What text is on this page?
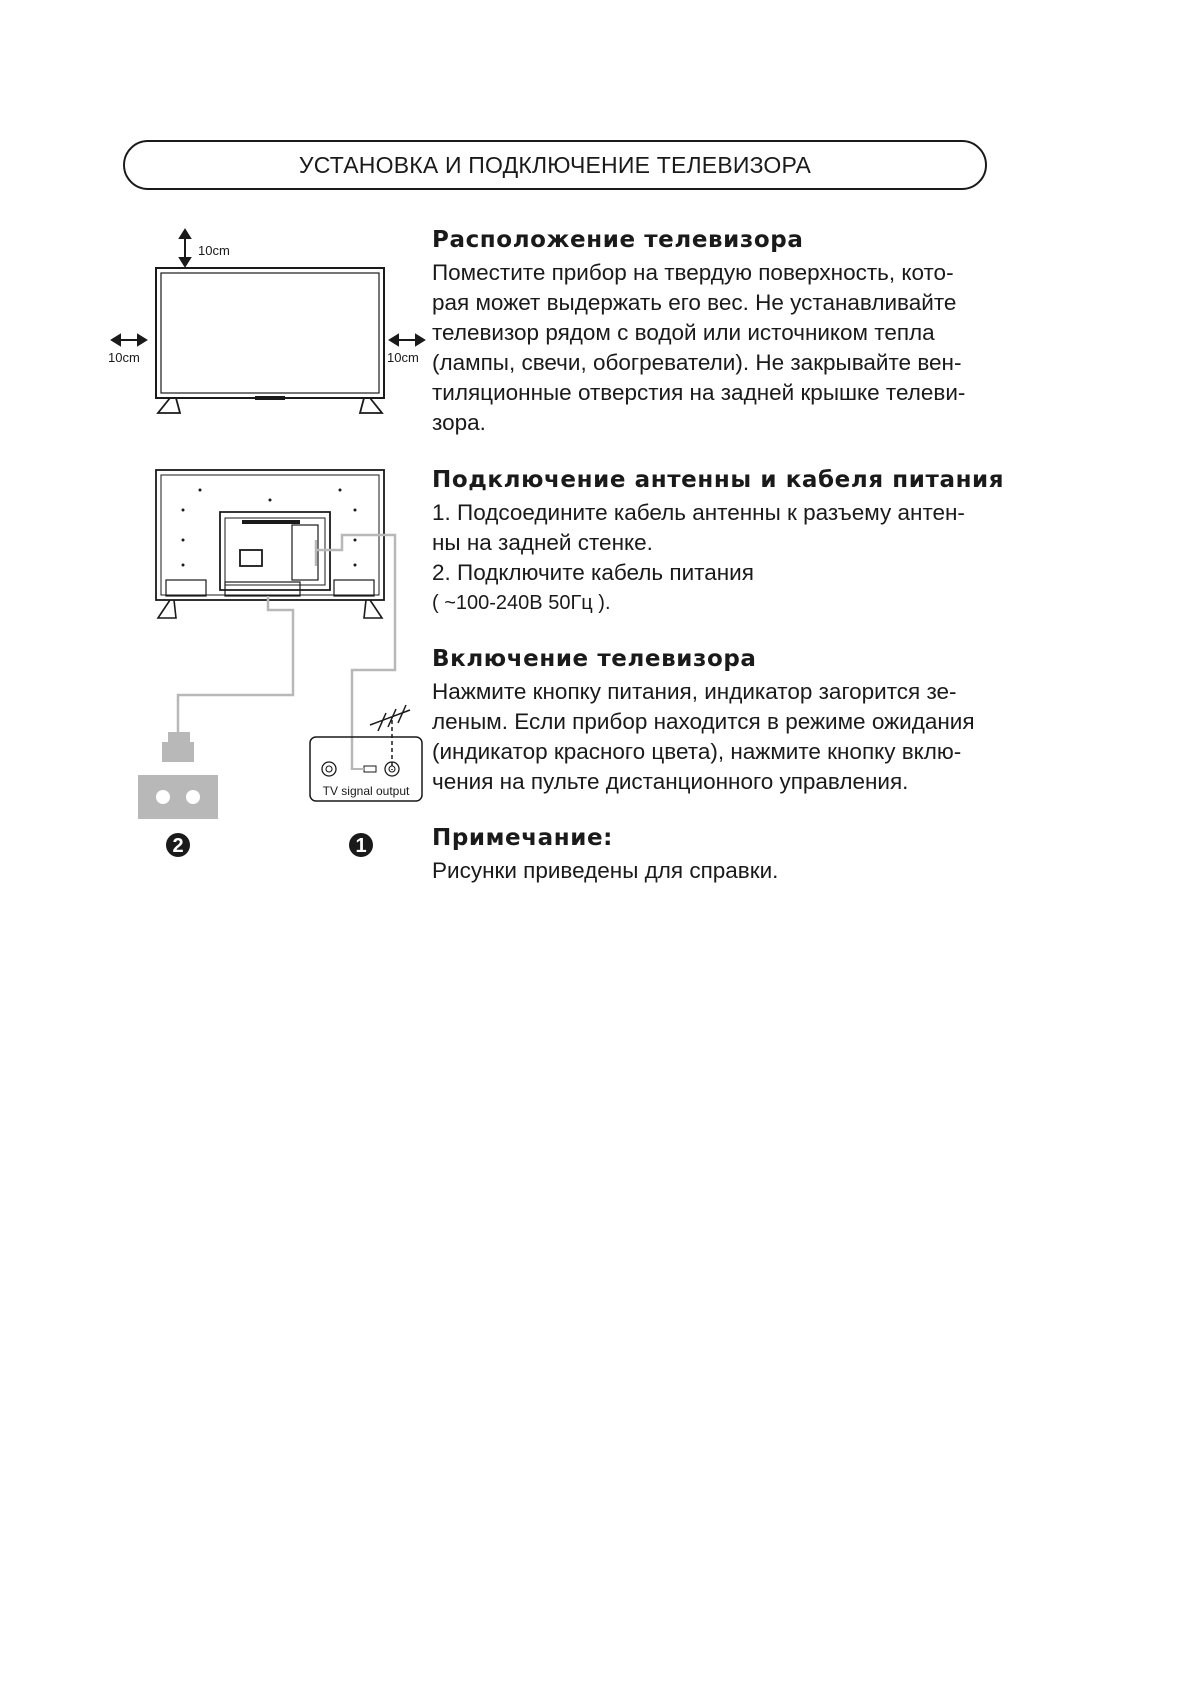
УСТАНОВКА И ПОДКЛЮЧЕНИЕ ТЕЛЕВИЗОРА
10cm
10cm	10cm
TV signal output
2	1
Расположение телевизора

Поместите прибор на твердую поверхность, кото-

рая может выдержать его вес. Не устанавливайте

телевизор рядом с водой или источником тепла

(лампы, свечи, обогреватели). Не закрывайте вен-

тиляционные отверстия на задней крышке телеви-

зора.

Подключение антенны и кабеля питания

1. Подсоедините кабель антенны к разъему антен-

ны на задней стенке.

2. Подключите кабель питания

( ~100-240В 50Гц ).

Включение телевизора

Нажмите кнопку питания, индикатор загорится зе-

леным. Если прибор находится в режиме ожидания

(индикатор красного цвета), нажмите кнопку вклю-

чения на пульте дистанционного управления.

Примечание:

Рисунки приведены для справки.
